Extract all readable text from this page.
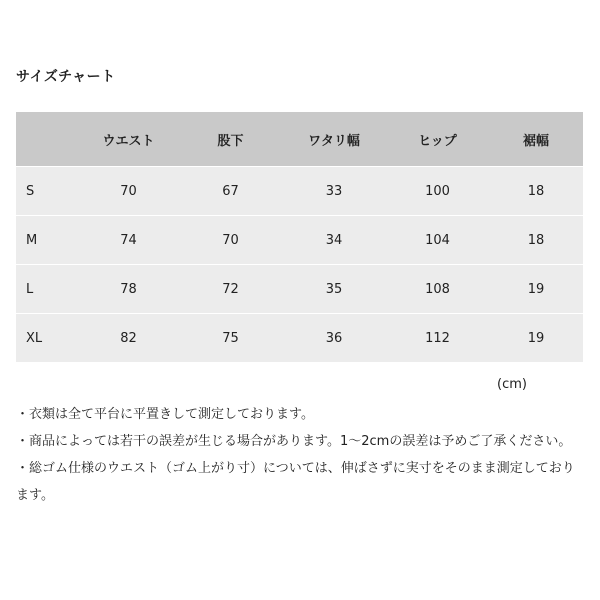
サイズチャート
	ウエスト	股下	ワタリ幅	ヒップ	裾幅
S	70	67	33	100	18
M	74	70	34	104	18
L	78	72	35	108	19
XL	82	75	36	112	19
(cm)

・衣類は全て平台に平置きして測定しております。

・商品によっては若干の誤差が生じる場合があります。1～2cmの誤差は予めご了承ください。

・総ゴム仕様のウエスト（ゴム上がり寸）については、伸ばさずに実寸をそのまま測定しております。
